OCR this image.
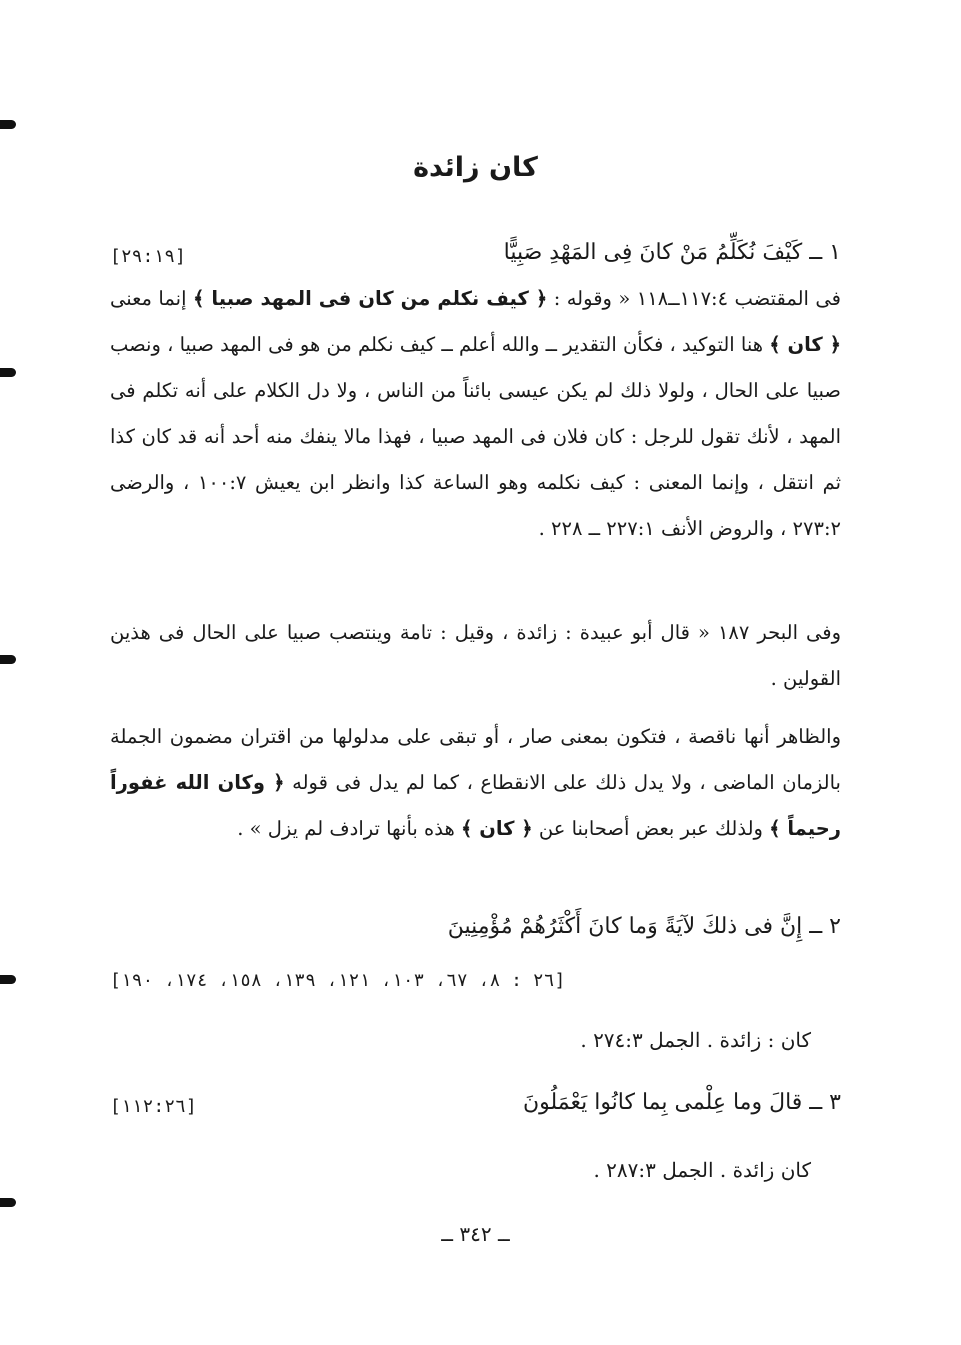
كان زائدة
١ ــ كَيْفَ نُكَلِّمُ مَنْ كانَ فِى المَهْدِ صَبِيًّا
[٢٩:١٩]
فى المقتضب ١١٧:٤ــ١١٨ « وقوله : ﴿ كيف نكلم من كان فى المهد صبيا ﴾ إنما معنى ﴿ كان ﴾ هنا التوكيد ، فكأن التقدير ــ والله أعلم ــ كيف نكلم من هو فى المهد صبيا ، ونصب صبيا على الحال ، ولولا ذلك لم يكن عيسى بائناً من الناس ، ولا دل الكلام على أنه تكلم فى المهد ، لأنك تقول للرجل : كان فلان فى المهد صبيا ، فهذا مالا ينفك منه أحد أنه قد كان كذا ثم انتقل ، وإنما المعنى : كيف نكلمه وهو الساعة كذا وانظر ابن يعيش ١٠٠:٧ ، والرضى ٢٧٣:٢ ، والروض الأنف ٢٢٧:١ ــ ٢٢٨ .
وفى البحر ١٨٧ « قال أبو عبيدة : زائدة ، وقيل : تامة وينتصب صبيا على الحال فى هذين القولين .
والظاهر أنها ناقصة ، فتكون بمعنى صار ، أو تبقى على مدلولها من اقتران مضمون الجملة بالزمان الماضى ، ولا يدل ذلك على الانقطاع ، كما لم يدل فى قوله ﴿ وكان الله غفوراً رحيماً ﴾ ولذلك عبر بعض أصحابنا عن ﴿ كان ﴾ هذه بأنها ترادف لم يزل » .
٢ ــ إِنَّ فى ذلكَ لآيَةً وَما كانَ أَكْثَرُهُمْ مُؤْمِنِينَ
[٢٦ : ٨، ٦٧، ١٠٣، ١٢١، ١٣٩، ١٥٨، ١٧٤، ١٩٠]
كان : زائدة . الجمل ٢٧٤:٣ .
٣ ــ قالَ وما عِلْمى بِما كانُوا يَعْمَلُونَ
[١١٢:٢٦]
كان زائدة . الجمل ٢٨٧:٣ .
ــ ٣٤٢ ــ
